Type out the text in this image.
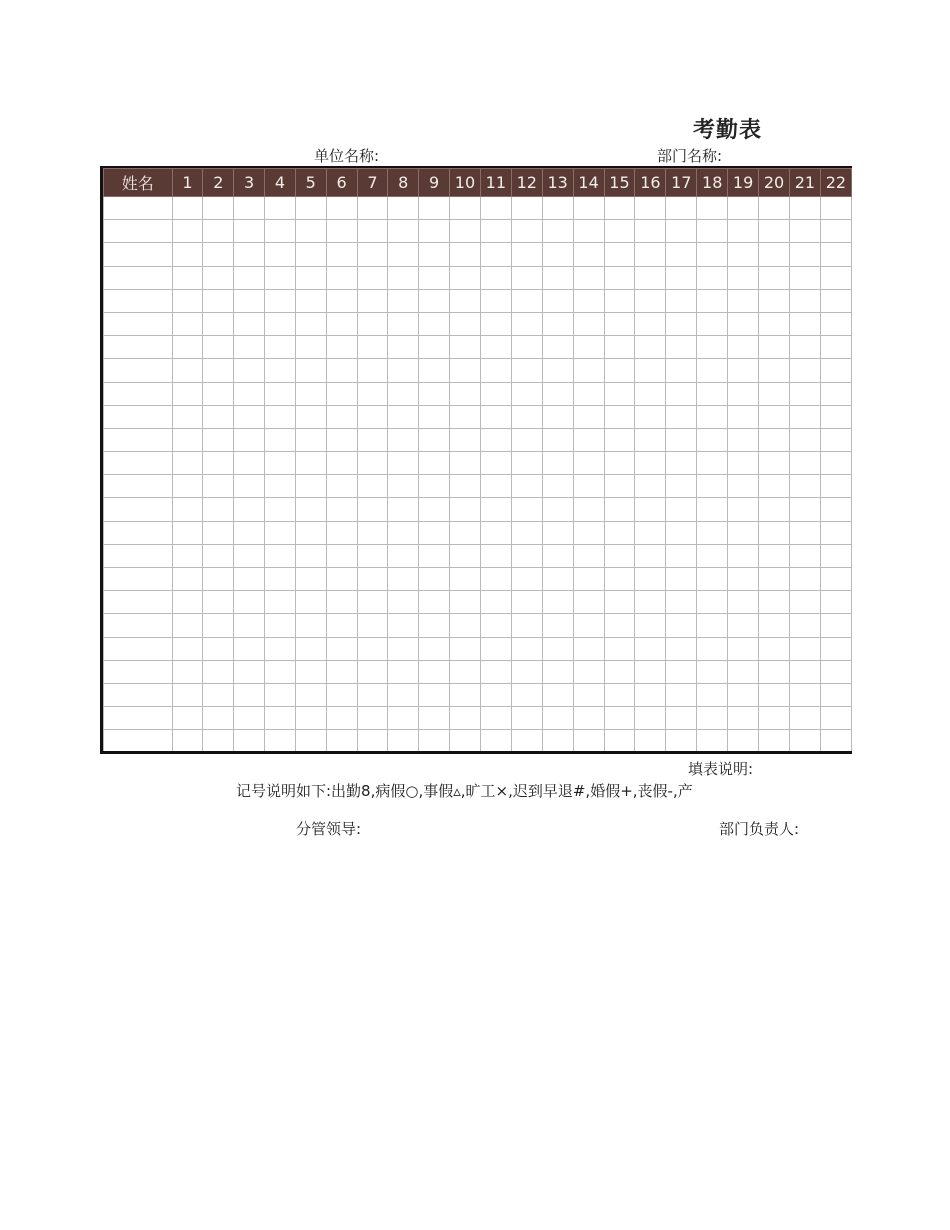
考勤表
单位名称:	部门名称:
姓名	1	2	3	4	5	6	7	8	9	10	11	12	13	14	15	16	17	18	19	20	21	22

填表说明:
记号说明如下:出勤8,病假○,事假▵,旷工×,迟到早退#,婚假+,丧假-,产
分管领导:	部门负责人:
